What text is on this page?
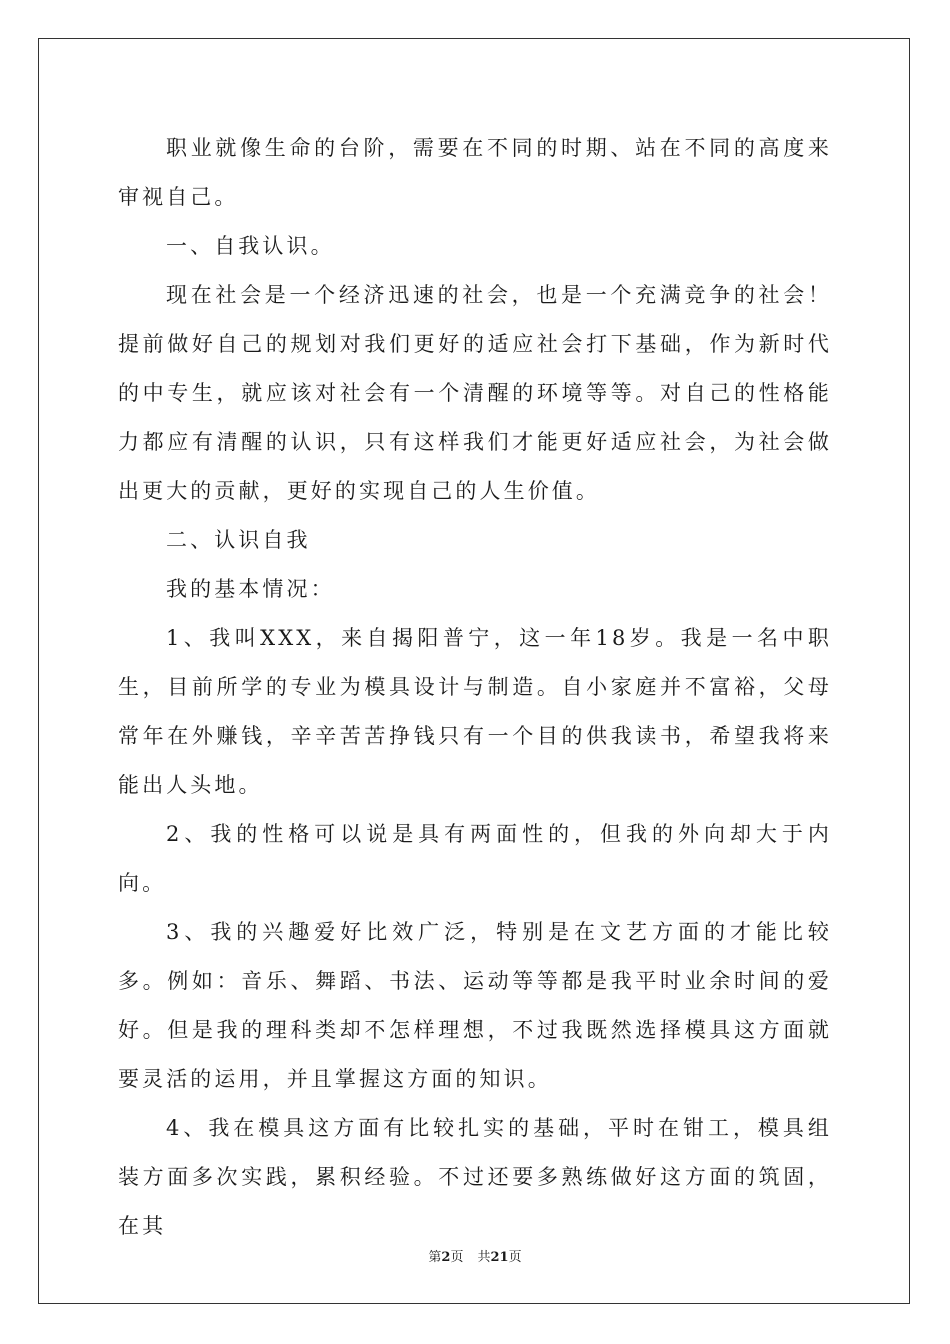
职业就像生命的台阶，需要在不同的时期、站在不同的高度来审视自己。

一、自我认识。

现在社会是一个经济迅速的社会，也是一个充满竞争的社会！提前做好自己的规划对我们更好的适应社会打下基础，作为新时代的中专生，就应该对社会有一个清醒的环境等等。对自己的性格能力都应有清醒的认识，只有这样我们才能更好适应社会，为社会做出更大的贡献，更好的实现自己的人生价值。

二、认识自我

我的基本情况：

1、我叫XXX，来自揭阳普宁，这一年18岁。我是一名中职生，目前所学的专业为模具设计与制造。自小家庭并不富裕，父母常年在外赚钱，辛辛苦苦挣钱只有一个目的供我读书，希望我将来能出人头地。

2、我的性格可以说是具有两面性的，但我的外向却大于内向。

3、我的兴趣爱好比效广泛，特别是在文艺方面的才能比较多。例如：音乐、舞蹈、书法、运动等等都是我平时业余时间的爱好。但是我的理科类却不怎样理想，不过我既然选择模具这方面就要灵活的运用，并且掌握这方面的知识。

4、我在模具这方面有比较扎实的基础，平时在钳工，模具组装方面多次实践，累积经验。不过还要多熟练做好这方面的筑固，在其

第2页 共21页
